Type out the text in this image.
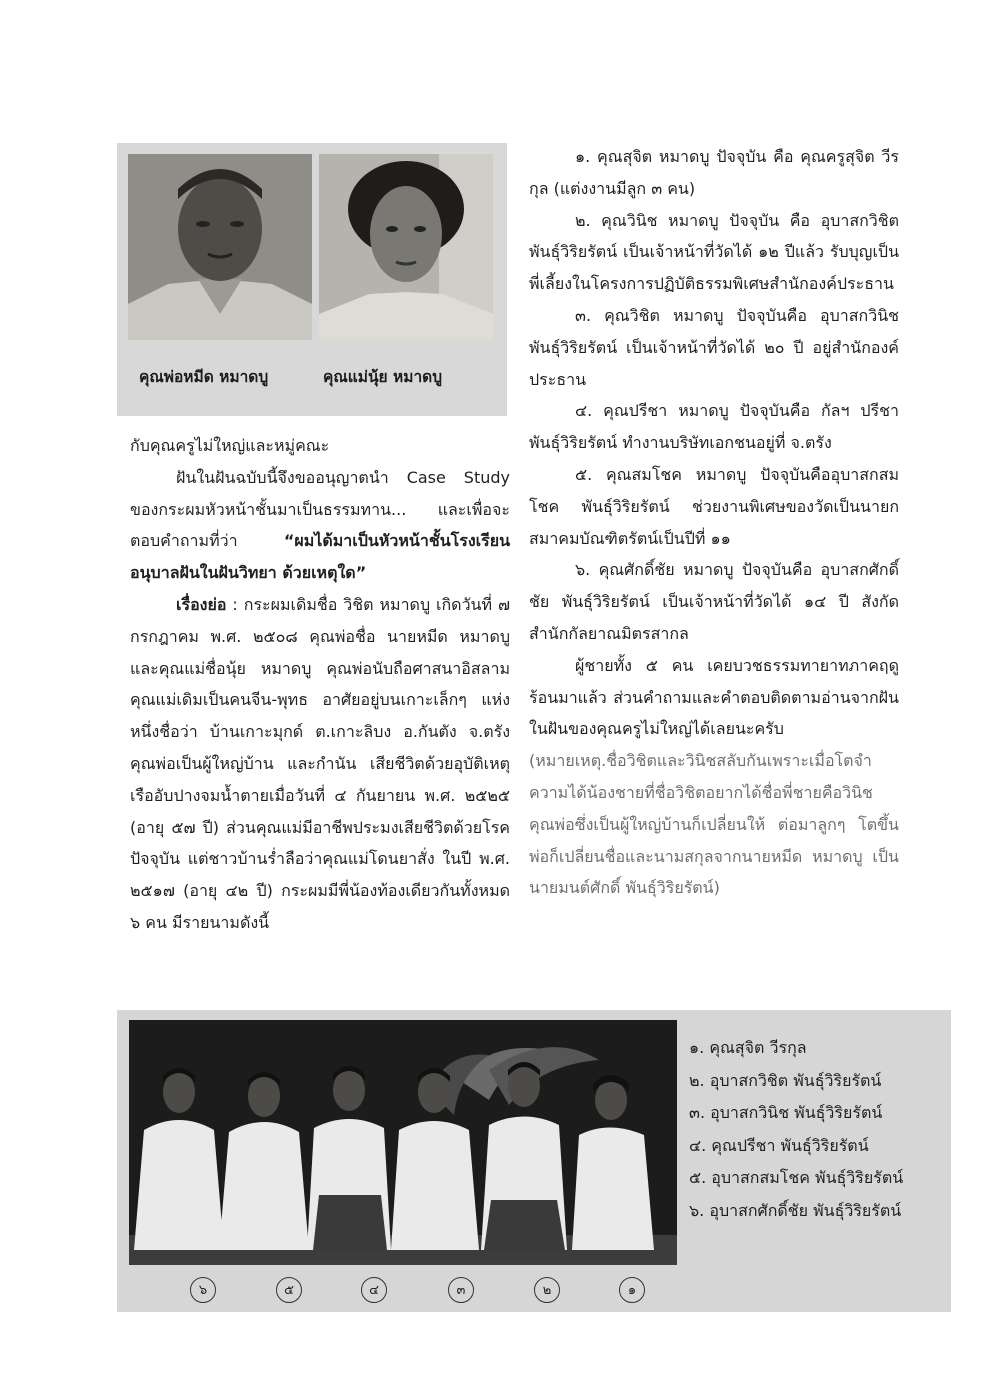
คุณพ่อหมีด หมาดบู	คุณแม่นุ้ย หมาดบู

กับคุณครูไม่ใหญ่และหมู่คณะ

ฝันในฝันฉบับนี้จึงขออนุญาตนำ Case Study ของกระผมหัวหน้าชั้นมาเป็นธรรมทาน... และเพื่อจะตอบคำถามที่ว่า “ผมได้มาเป็นหัวหน้าชั้นโรงเรียนอนุบาลฝันในฝันวิทยา ด้วยเหตุใด”

เรื่องย่อ : กระผมเดิมชื่อ วิชิต หมาดบู เกิดวันที่ ๗ กรกฎาคม พ.ศ. ๒๕๐๘ คุณพ่อชื่อ นายหมีด หมาดบู และคุณแม่ชื่อนุ้ย หมาดบู คุณพ่อนับถือศาสนาอิสลาม คุณแม่เดิมเป็นคนจีน-พุทธ อาศัยอยู่บนเกาะเล็กๆ แห่งหนึ่งชื่อว่า บ้านเกาะมุกด์ ต.เกาะลิบง อ.กันตัง จ.ตรัง คุณพ่อเป็นผู้ใหญ่บ้าน และกำนัน เสียชีวิตด้วยอุบัติเหตุเรืออับปางจมน้ำตายเมื่อวันที่ ๔ กันยายน พ.ศ. ๒๕๒๕ (อายุ ๕๗ ปี) ส่วนคุณแม่มีอาชีพประมงเสียชีวิตด้วยโรคปัจจุบัน แต่ชาวบ้านร่ำลือว่าคุณแม่โดนยาสั่ง ในปี พ.ศ. ๒๕๑๗ (อายุ ๔๒ ปี) กระผมมีพี่น้องท้องเดียวกันทั้งหมด ๖ คน มีรายนามดังนี้

๑. คุณสุจิต หมาดบู ปัจจุบัน คือ คุณครูสุจิต วีรกุล (แต่งงานมีลูก ๓ คน)

๒. คุณวินิช หมาดบู ปัจจุบัน คือ อุบาสกวิชิต พันธุ์วิริยรัตน์ เป็นเจ้าหน้าที่วัดได้ ๑๒ ปีแล้ว รับบุญเป็นพี่เลี้ยงในโครงการปฏิบัติธรรมพิเศษสำนักองค์ประธาน

๓. คุณวิชิต หมาดบู ปัจจุบันคือ อุบาสกวินิช พันธุ์วิริยรัตน์ เป็นเจ้าหน้าที่วัดได้ ๒๐ ปี อยู่สำนักองค์ประธาน

๔. คุณปรีชา หมาดบู ปัจจุบันคือ กัลฯ ปรีชา พันธุ์วิริยรัตน์ ทำงานบริษัทเอกชนอยู่ที่ จ.ตรัง

๕. คุณสมโชค หมาดบู ปัจจุบันคืออุบาสกสมโชค พันธุ์วิริยรัตน์ ช่วยงานพิเศษของวัดเป็นนายกสมาคมบัณฑิตรัตน์เป็นปีที่ ๑๑

๖. คุณศักดิ์ชัย หมาดบู ปัจจุบันคือ อุบาสกศักดิ์ชัย พันธุ์วิริยรัตน์ เป็นเจ้าหน้าที่วัดได้ ๑๔ ปี สังกัดสำนักกัลยาณมิตรสากล

ผู้ชายทั้ง ๕ คน เคยบวชธรรมทายาทภาคฤดูร้อนมาแล้ว ส่วนคำถามและคำตอบติดตามอ่านจากฝันในฝันของคุณครูไม่ใหญ่ได้เลยนะครับ

(หมายเหตุ.ชื่อวิชิตและวินิชสลับกันเพราะเมื่อโตจำความได้น้องชายที่ชื่อวิชิตอยากได้ชื่อพี่ชายคือวินิช คุณพ่อซึ่งเป็นผู้ใหญ่บ้านก็เปลี่ยนให้ ต่อมาลูกๆ โตขึ้นพ่อก็เปลี่ยนชื่อและนามสกุลจากนายหมีด หมาดบู เป็นนายมนต์ศักดิ์ พันธุ์วิริยรัตน์)

๖	๕	๔	๓	๒	๑
๑. คุณสุจิต วีรกุล
๒. อุบาสกวิชิต พันธุ์วิริยรัตน์
๓. อุบาสกวินิช พันธุ์วิริยรัตน์
๔. คุณปรีชา พันธุ์วิริยรัตน์
๕. อุบาสกสมโชค พันธุ์วิริยรัตน์
๖. อุบาสกศักดิ์ชัย พันธุ์วิริยรัตน์
